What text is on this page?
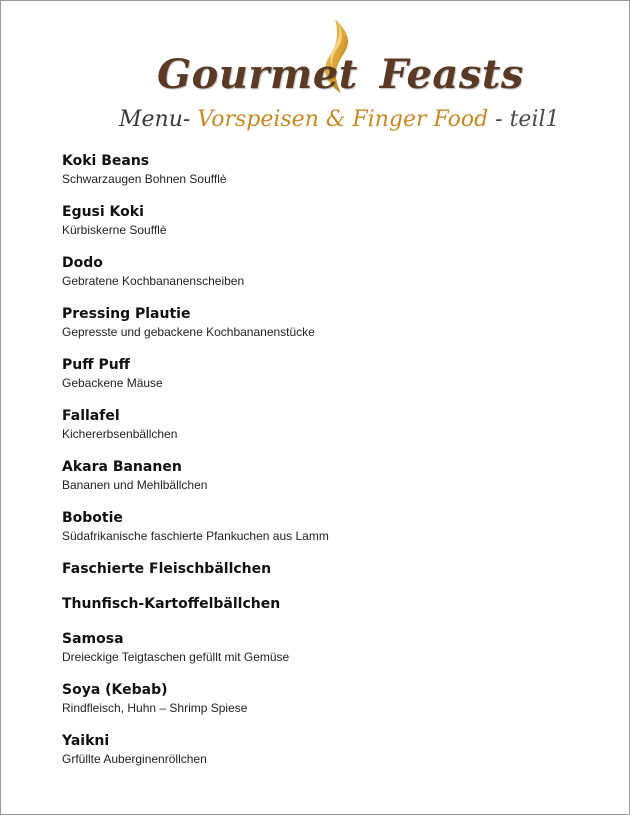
Gourmet Feasts
Menu- Vorspeisen & Finger Food - teil1
Koki Beans
Schwarzaugen Bohnen Soufflè
Egusi Koki
Kürbiskerne Soufflè
Dodo
Gebratene Kochbananenscheiben
Pressing Plautie
Gepresste und gebackene Kochbananenstücke
Puff Puff
Gebackene Mäuse
Fallafel
Kichererbsenbällchen
Akara Bananen
Bananen und Mehlbällchen
Bobotie
Südafrikanische faschierte Pfankuchen aus Lamm
Faschierte Fleischbällchen
Thunfisch-Kartoffelbällchen
Samosa
Dreieckige Teigtaschen gefüllt mit Gemüse
Soya (Kebab)
Rindfleisch, Huhn – Shrimp Spiese
Yaikni
Grfüllte Auberginenröllchen
